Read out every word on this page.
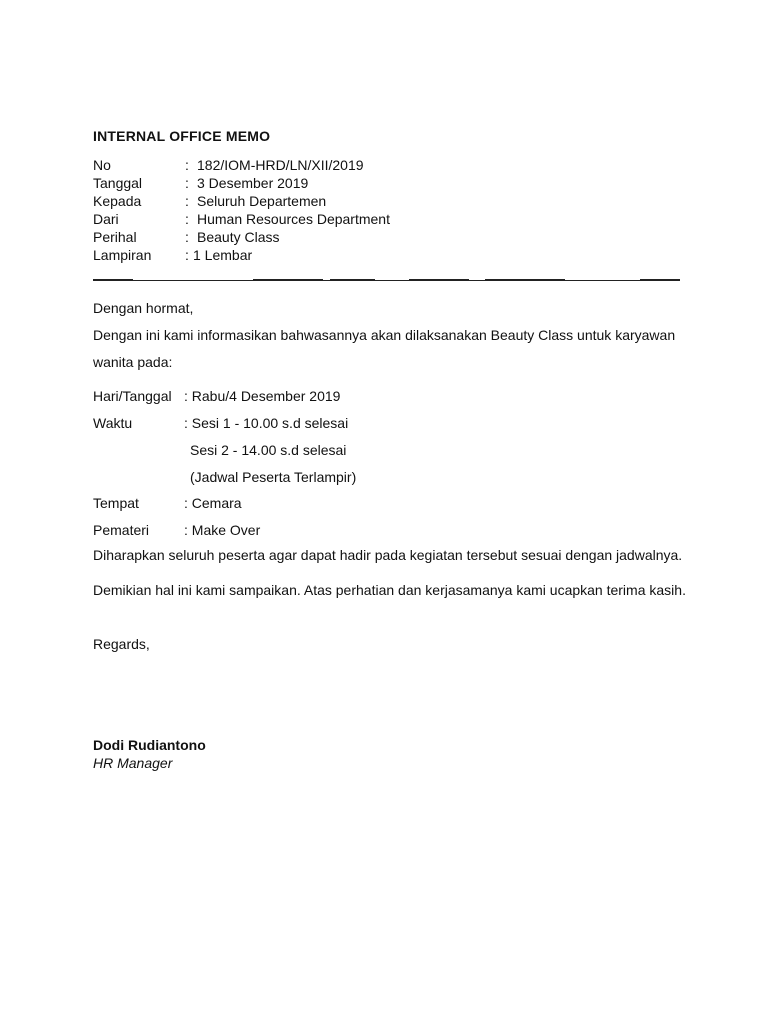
INTERNAL OFFICE MEMO
No	: 182/IOM-HRD/LN/XII/2019
Tanggal	: 3 Desember 2019
Kepada	: Seluruh Departemen
Dari	: Human Resources Department
Perihal	: Beauty Class
Lampiran : 1 Lembar
Dengan hormat,
Dengan ini kami informasikan bahwasannya akan dilaksanakan Beauty Class untuk karyawan
wanita pada:
Hari/Tanggal : Rabu/4 Desember 2019
Waktu	: Sesi 1 - 10.00 s.d selesai
Sesi 2 - 14.00 s.d selesai
(Jadwal Peserta Terlampir)
Tempat	: Cemara
Pemateri : Make Over
Diharapkan seluruh peserta agar dapat hadir pada kegiatan tersebut sesuai dengan jadwalnya.
Demikian hal ini kami sampaikan. Atas perhatian dan kerjasamanya kami ucapkan terima kasih.
Regards,
Dodi Rudiantono
HR Manager
